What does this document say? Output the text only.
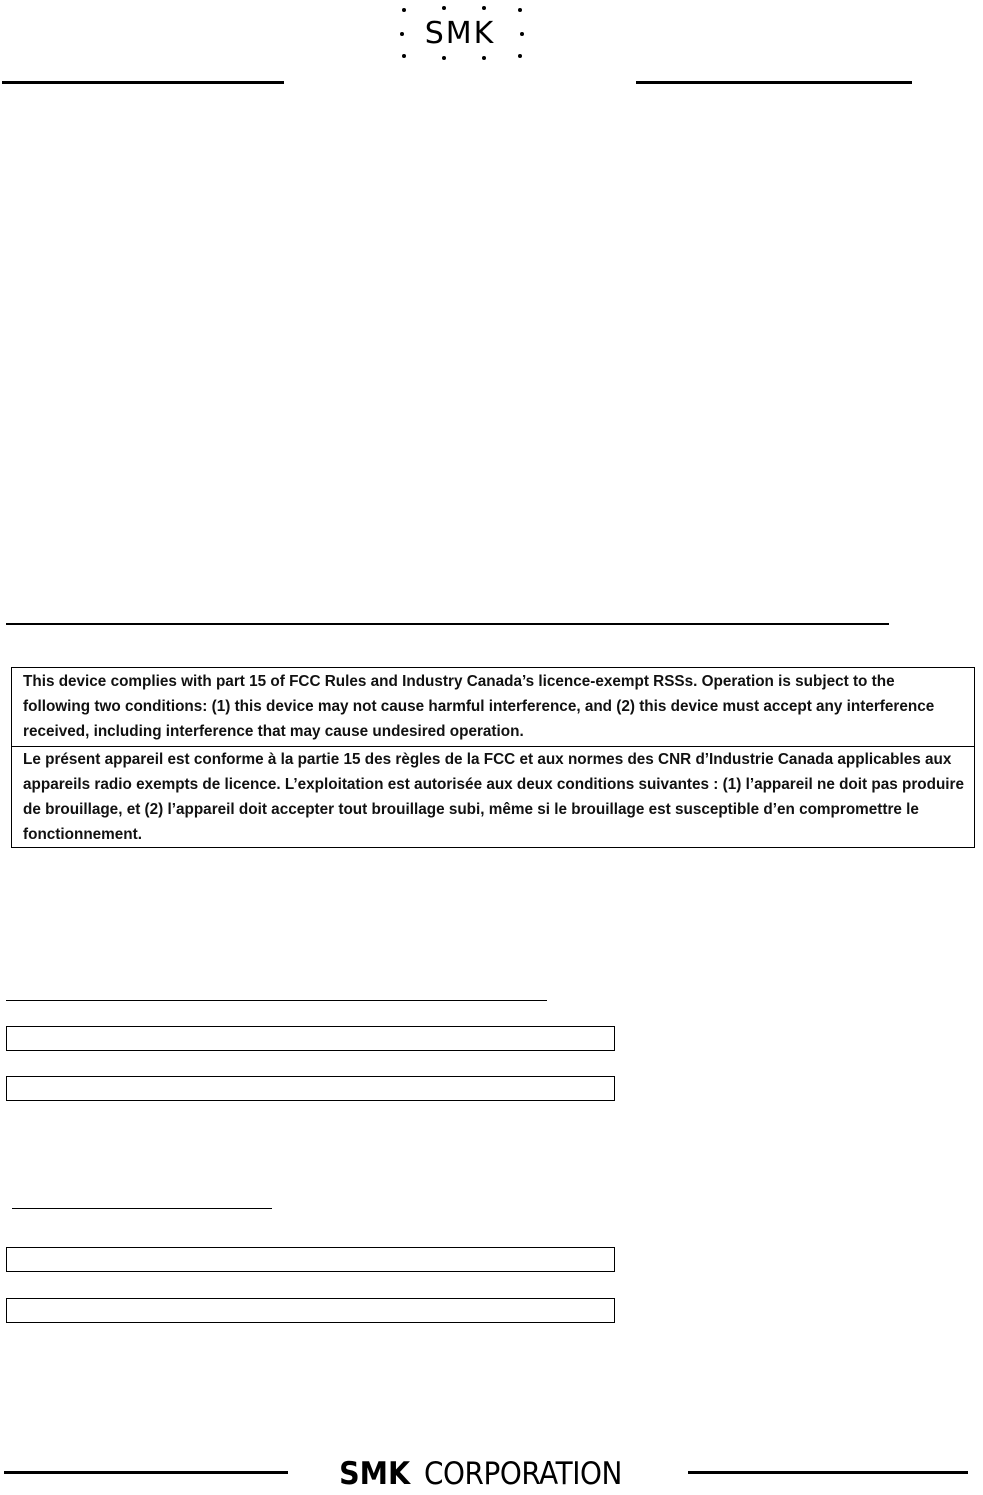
SMK
This device complies with part 15 of FCC Rules and Industry Canada’s licence-exempt RSSs. Operation is subject to the following two conditions: (1) this device may not cause harmful interference, and (2) this device must accept any interference received, including interference that may cause undesired operation.
Le présent appareil est conforme à la partie 15 des règles de la FCC et aux normes des CNR d’Industrie Canada applicables aux appareils radio exempts de licence. L’exploitation est autorisée aux deux conditions suivantes : (1) l’appareil ne doit pas produire de brouillage, et (2) l’appareil doit accepter tout brouillage subi, même si le brouillage est susceptible d’en compromettre le fonctionnement.
SMK CORPORATION
